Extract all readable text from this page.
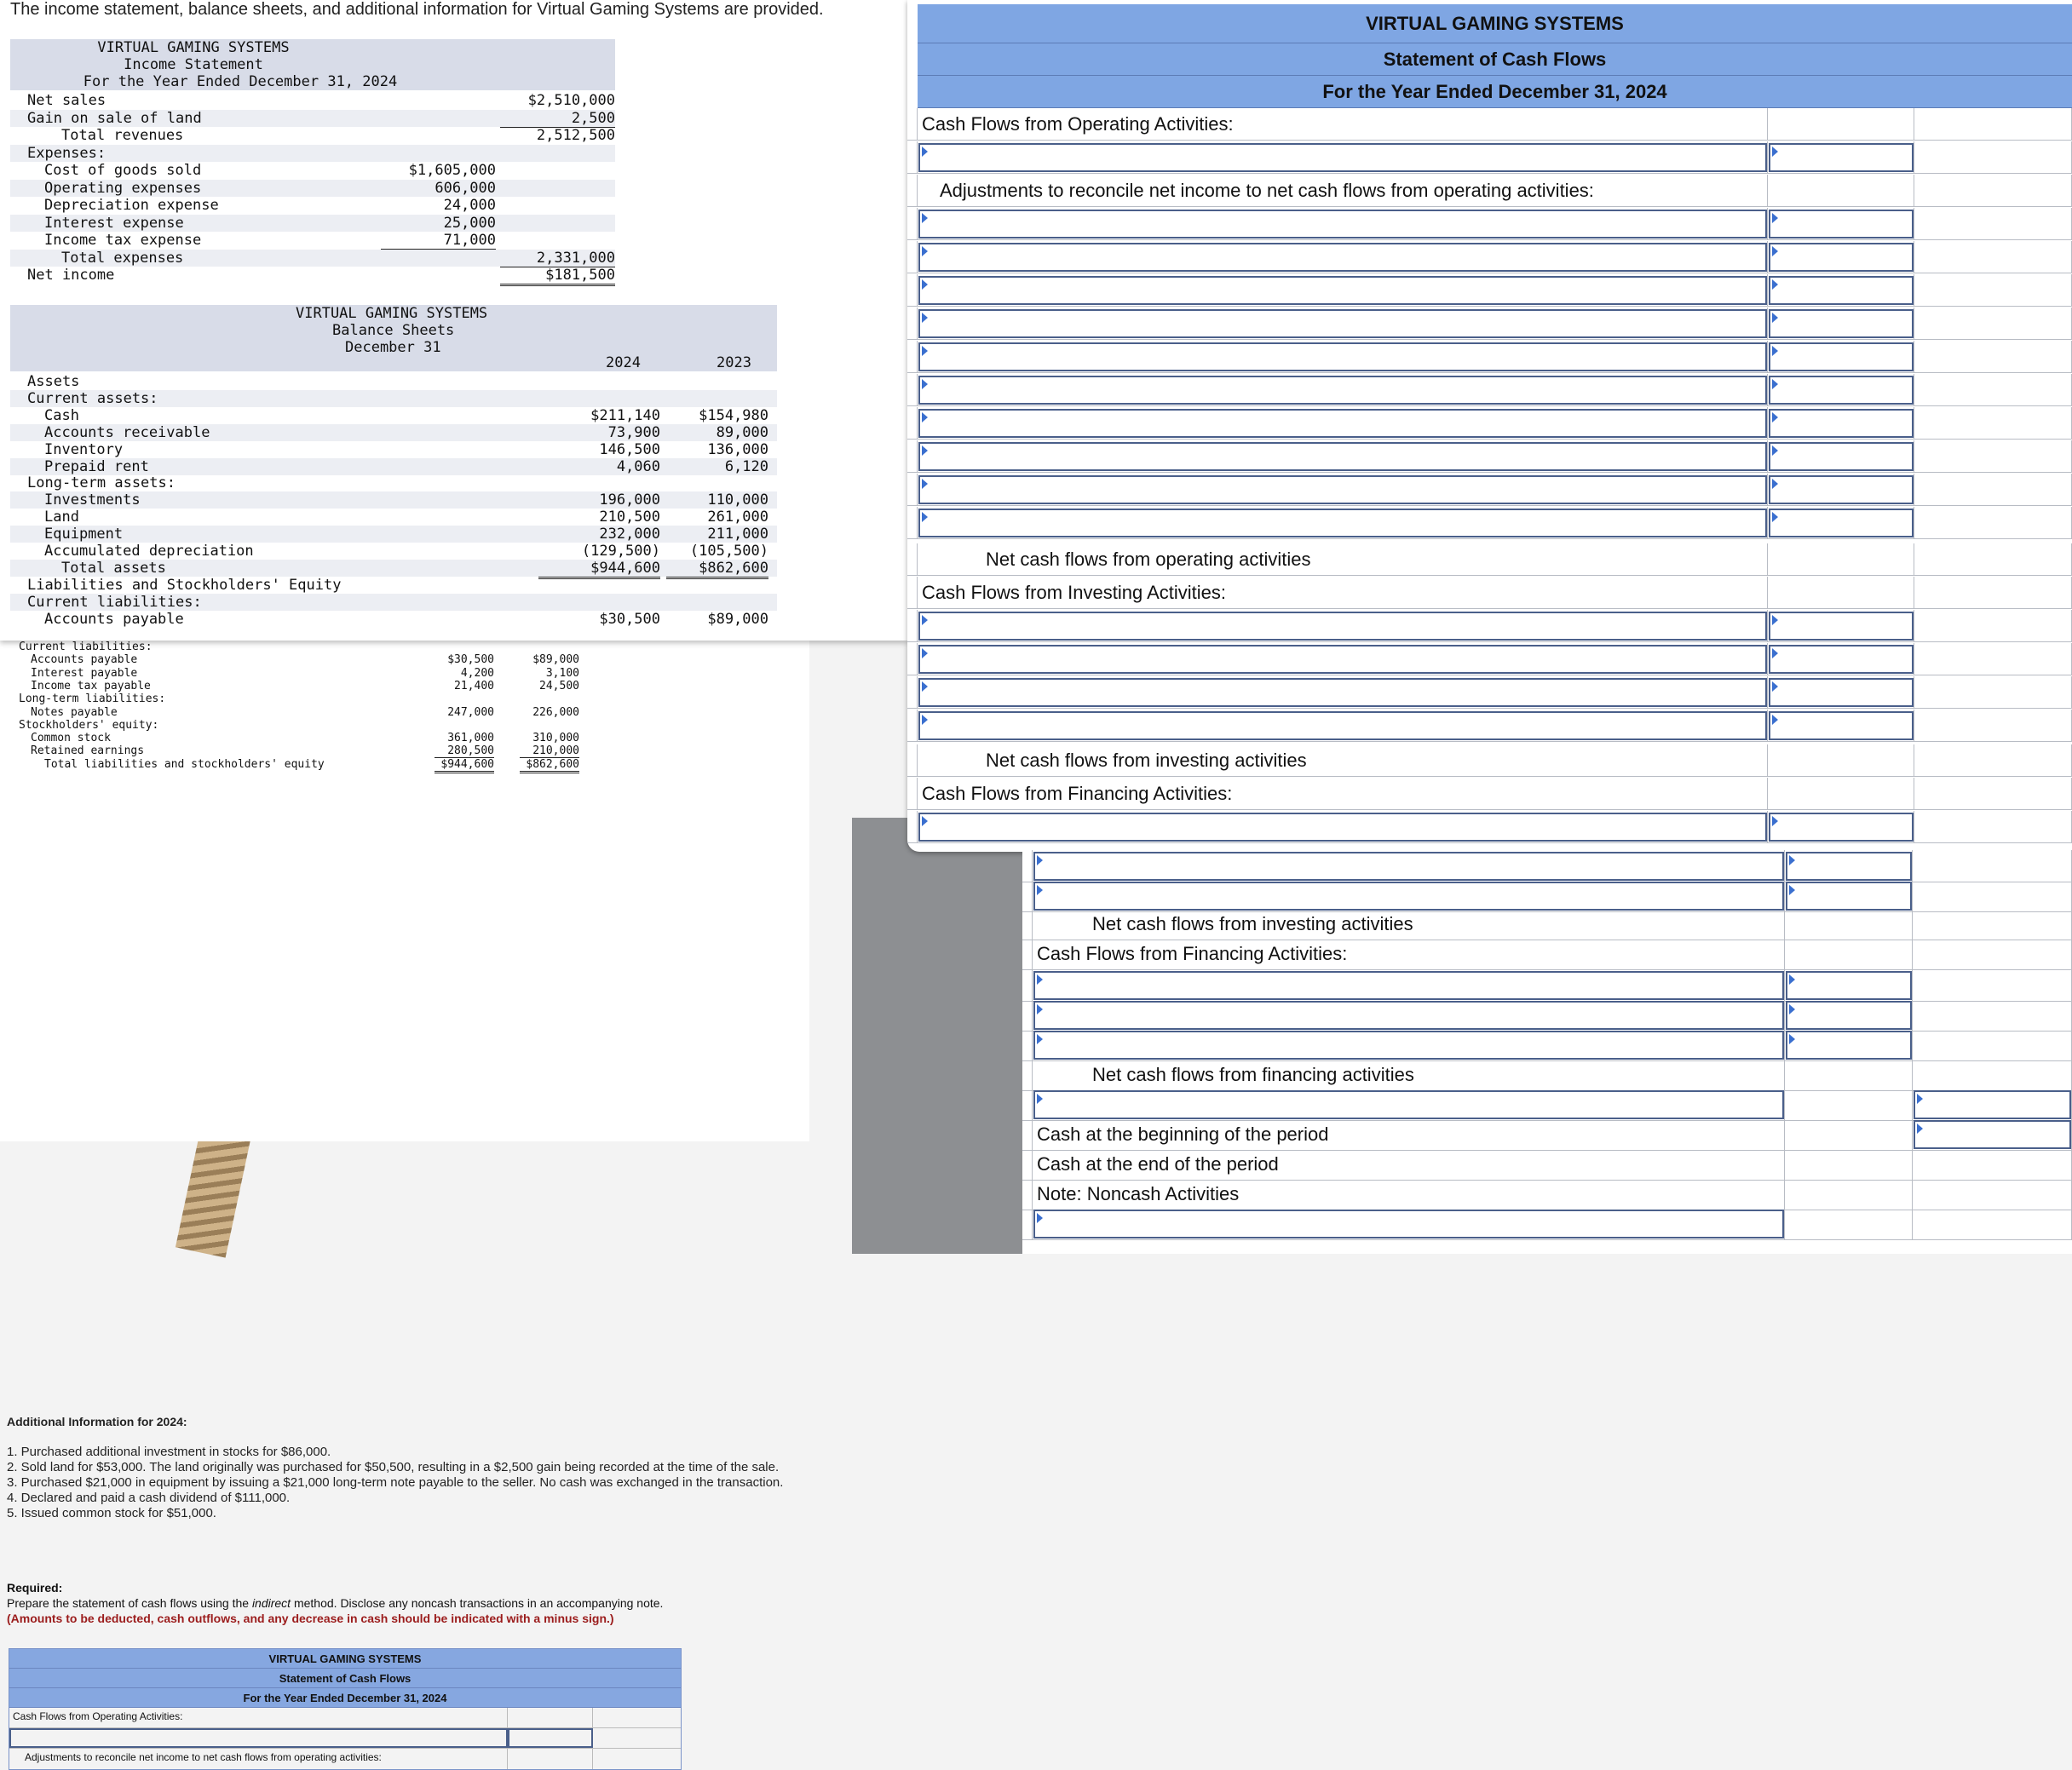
Current liabilities:
Accounts payable	$30,500	$89,000
Interest payable	4,200	3,100
Income tax payable	21,400	24,500
Long-term liabilities:
Notes payable	247,000	226,000
Stockholders' equity:
Common stock	361,000	310,000
Retained earnings	280,500	210,000
Total liabilities and stockholders' equity	$944,600	$862,600
Additional Information for 2024:
1. Purchased additional investment in stocks for $86,000.
2. Sold land for $53,000. The land originally was purchased for $50,500, resulting in a $2,500 gain being recorded at the time of the sale.
3. Purchased $21,000 in equipment by issuing a $21,000 long-term note payable to the seller. No cash was exchanged in the transaction.
4. Declared and paid a cash dividend of $111,000.
5. Issued common stock for $51,000.
Required:
Prepare the statement of cash flows using the indirect method. Disclose any noncash transactions in an accompanying note.
(Amounts to be deducted, cash outflows, and any decrease in cash should be indicated with a minus sign.)
VIRTUAL GAMING SYSTEMS
Statement of Cash Flows
For the Year Ended December 31, 2024
Cash Flows from Operating Activities:
Adjustments to reconcile net income to net cash flows from operating activities:
The income statement, balance sheets, and additional information for Virtual Gaming Systems are provided.
VIRTUAL GAMING SYSTEMS
Income Statement
For the Year Ended December 31, 2024
Net sales	$2,510,000
Gain on sale of land	2,500
Total revenues	2,512,500
Expenses:
Cost of goods sold	$1,605,000
Operating expenses	606,000
Depreciation expense	24,000
Interest expense	25,000
Income tax expense	71,000
Total expenses	2,331,000
Net income	$181,500
VIRTUAL GAMING SYSTEMS
Balance Sheets
December 31
2024	2023
Assets
Current assets:
Cash	$211,140	$154,980
Accounts receivable	73,900	89,000
Inventory	146,500	136,000
Prepaid rent	4,060	6,120
Long-term assets:
Investments	196,000	110,000
Land	210,500	261,000
Equipment	232,000	211,000
Accumulated depreciation	(129,500)	(105,500)
Total assets	$944,600	$862,600
Liabilities and Stockholders' Equity
Current liabilities:
Accounts payable	$30,500	$89,000
VIRTUAL GAMING SYSTEMS
Statement of Cash Flows
For the Year Ended December 31, 2024
Cash Flows from Operating Activities:
Adjustments to reconcile net income to net cash flows from operating activities:
Net cash flows from operating activities
Cash Flows from Investing Activities:
Net cash flows from investing activities
Cash Flows from Financing Activities:
Net cash flows from investing activities
Cash Flows from Financing Activities:
Net cash flows from financing activities
Cash at the beginning of the period
Cash at the end of the period
Note: Noncash Activities
